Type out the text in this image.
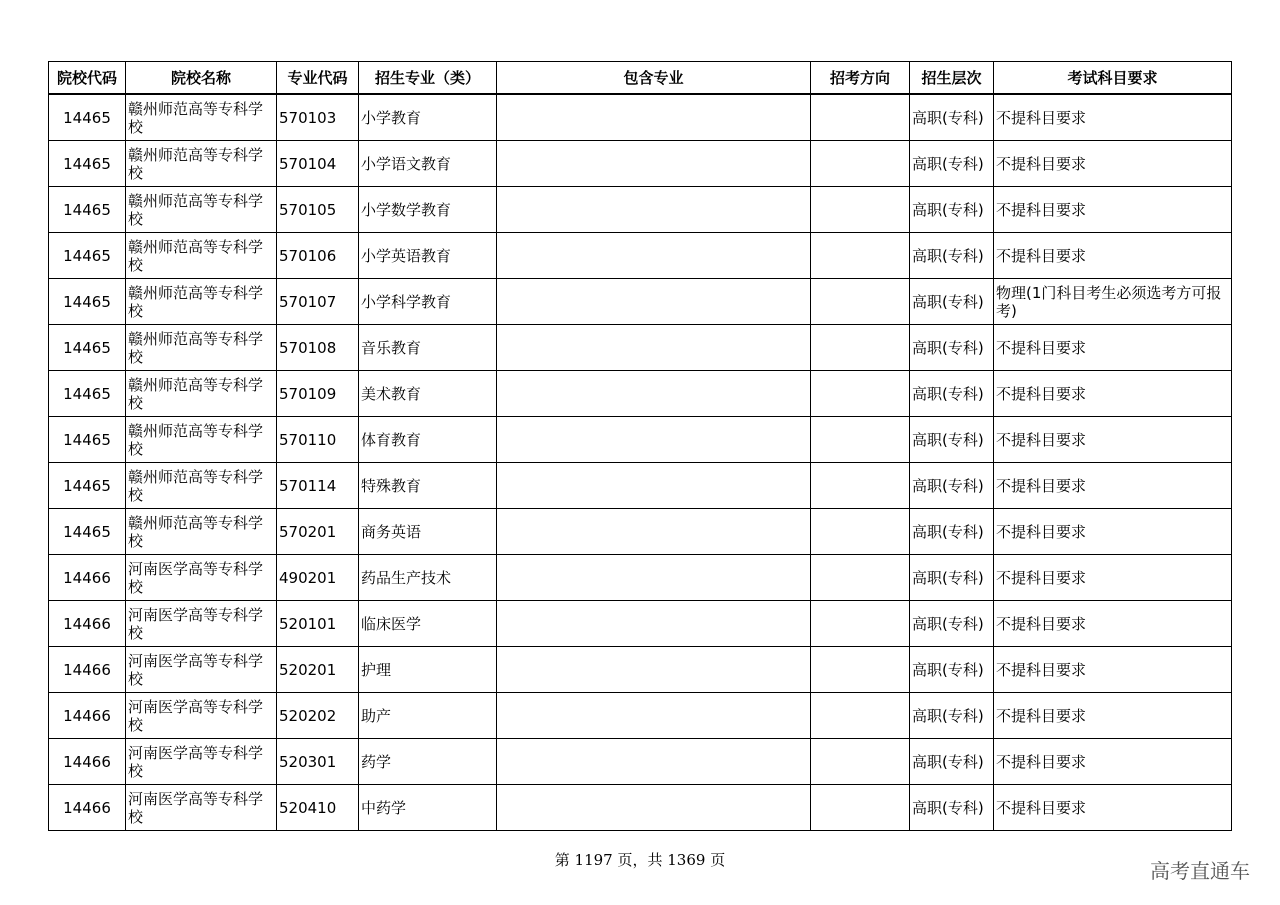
院校代码	院校名称	专业代码	招生专业（类）	包含专业	招考方向	招生层次	考试科目要求
14465	赣州师范高等专科学校	570103	小学教育			高职(专科)	不提科目要求
14465	赣州师范高等专科学校	570104	小学语文教育			高职(专科)	不提科目要求
14465	赣州师范高等专科学校	570105	小学数学教育			高职(专科)	不提科目要求
14465	赣州师范高等专科学校	570106	小学英语教育			高职(专科)	不提科目要求
14465	赣州师范高等专科学校	570107	小学科学教育			高职(专科)	物理(1门科目考生必须选考方可报考)
14465	赣州师范高等专科学校	570108	音乐教育			高职(专科)	不提科目要求
14465	赣州师范高等专科学校	570109	美术教育			高职(专科)	不提科目要求
14465	赣州师范高等专科学校	570110	体育教育			高职(专科)	不提科目要求
14465	赣州师范高等专科学校	570114	特殊教育			高职(专科)	不提科目要求
14465	赣州师范高等专科学校	570201	商务英语			高职(专科)	不提科目要求
14466	河南医学高等专科学校	490201	药品生产技术			高职(专科)	不提科目要求
14466	河南医学高等专科学校	520101	临床医学			高职(专科)	不提科目要求
14466	河南医学高等专科学校	520201	护理			高职(专科)	不提科目要求
14466	河南医学高等专科学校	520202	助产			高职(专科)	不提科目要求
14466	河南医学高等专科学校	520301	药学			高职(专科)	不提科目要求
14466	河南医学高等专科学校	520410	中药学			高职(专科)	不提科目要求
第 1197 页，共 1369 页	高考直通车
